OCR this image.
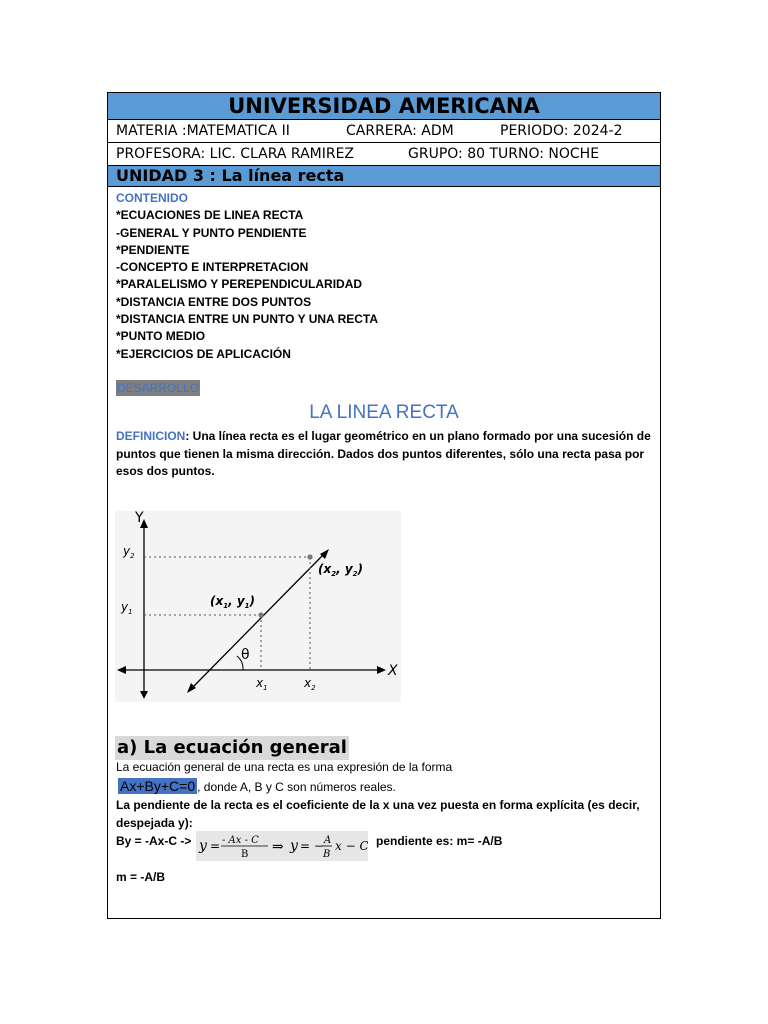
UNIVERSIDAD AMERICANA
MATERIA :MATEMATICA II	CARRERA: ADM	PERIODO: 2024-2
PROFESORA: LIC. CLARA RAMIREZ	GRUPO: 80 TURNO: NOCHE
UNIDAD 3 : La línea recta
CONTENIDO
*ECUACIONES DE LINEA RECTA
-GENERAL Y PUNTO PENDIENTE
*PENDIENTE
-CONCEPTO E INTERPRETACION
*PARALELISMO Y PEREPENDICULARIDAD
*DISTANCIA ENTRE DOS PUNTOS
*DISTANCIA ENTRE UN PUNTO Y UNA RECTA
*PUNTO MEDIO
*EJERCICIOS DE APLICACIÓN
DESARROLLO
LA LINEA RECTA
DEFINICION: Una línea recta es el lugar geométrico en un plano formado por una sucesión de puntos que tienen la misma dirección. Dados dos puntos diferentes, sólo una recta pasa por esos dos puntos.
Y
X
$y_2$
$y_1$
$x_1$	$x_2$
($x_1$, $y_1$)
($x_2$, $y_2$)
θ
a) La ecuación general
La ecuación general de una recta es una expresión de la forma
Ax+By+C=0 , donde A, B y C son números reales.
La pendiente de la recta es el coeficiente de la x una vez puesta en forma explícita (es decir, despejada y):
By = -Ax-C -> y = - Ax - C
B ⇒ y = − A
B
x − C pendiente es: m= -A/B
m = -A/B
